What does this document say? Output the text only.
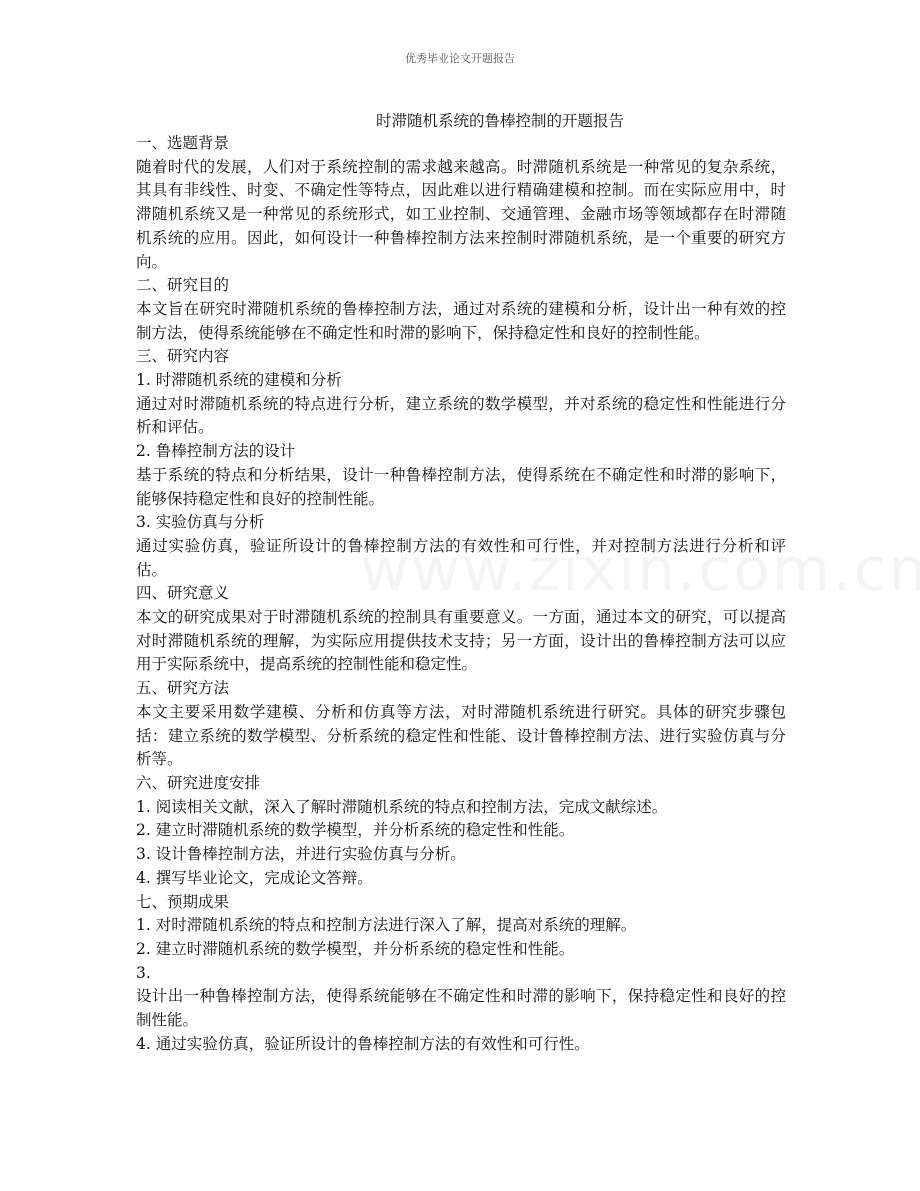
优秀毕业论文开题报告
时滞随机系统的鲁棒控制的开题报告

一、选题背景

随着时代的发展，人们对于系统控制的需求越来越高。时滞随机系统是一种常见的复杂系统，其具有非线性、时变、不确定性等特点，因此难以进行精确建模和控制。而在实际应用中，时滞随机系统又是一种常见的系统形式，如工业控制、交通管理、金融市场等领域都存在时滞随机系统的应用。因此，如何设计一种鲁棒控制方法来控制时滞随机系统，是一个重要的研究方向。

二、研究目的

本文旨在研究时滞随机系统的鲁棒控制方法，通过对系统的建模和分析，设计出一种有效的控制方法，使得系统能够在不确定性和时滞的影响下，保持稳定性和良好的控制性能。

三、研究内容

1. 时滞随机系统的建模和分析

通过对时滞随机系统的特点进行分析，建立系统的数学模型，并对系统的稳定性和性能进行分析和评估。

2. 鲁棒控制方法的设计

基于系统的特点和分析结果，设计一种鲁棒控制方法，使得系统在不确定性和时滞的影响下，能够保持稳定性和良好的控制性能。

3. 实验仿真与分析

通过实验仿真，验证所设计的鲁棒控制方法的有效性和可行性，并对控制方法进行分析和评估。

四、研究意义

本文的研究成果对于时滞随机系统的控制具有重要意义。一方面，通过本文的研究，可以提高对时滞随机系统的理解，为实际应用提供技术支持；另一方面，设计出的鲁棒控制方法可以应用于实际系统中，提高系统的控制性能和稳定性。

五、研究方法

本文主要采用数学建模、分析和仿真等方法，对时滞随机系统进行研究。具体的研究步骤包括：建立系统的数学模型、分析系统的稳定性和性能、设计鲁棒控制方法、进行实验仿真与分析等。

六、研究进度安排

1. 阅读相关文献，深入了解时滞随机系统的特点和控制方法，完成文献综述。

2. 建立时滞随机系统的数学模型，并分析系统的稳定性和性能。

3. 设计鲁棒控制方法，并进行实验仿真与分析。

4. 撰写毕业论文，完成论文答辩。

七、预期成果

1. 对时滞随机系统的特点和控制方法进行深入了解，提高对系统的理解。

2. 建立时滞随机系统的数学模型，并分析系统的稳定性和性能。

3.

设计出一种鲁棒控制方法，使得系统能够在不确定性和时滞的影响下，保持稳定性和良好的控制性能。

4. 通过实验仿真，验证所设计的鲁棒控制方法的有效性和可行性。
